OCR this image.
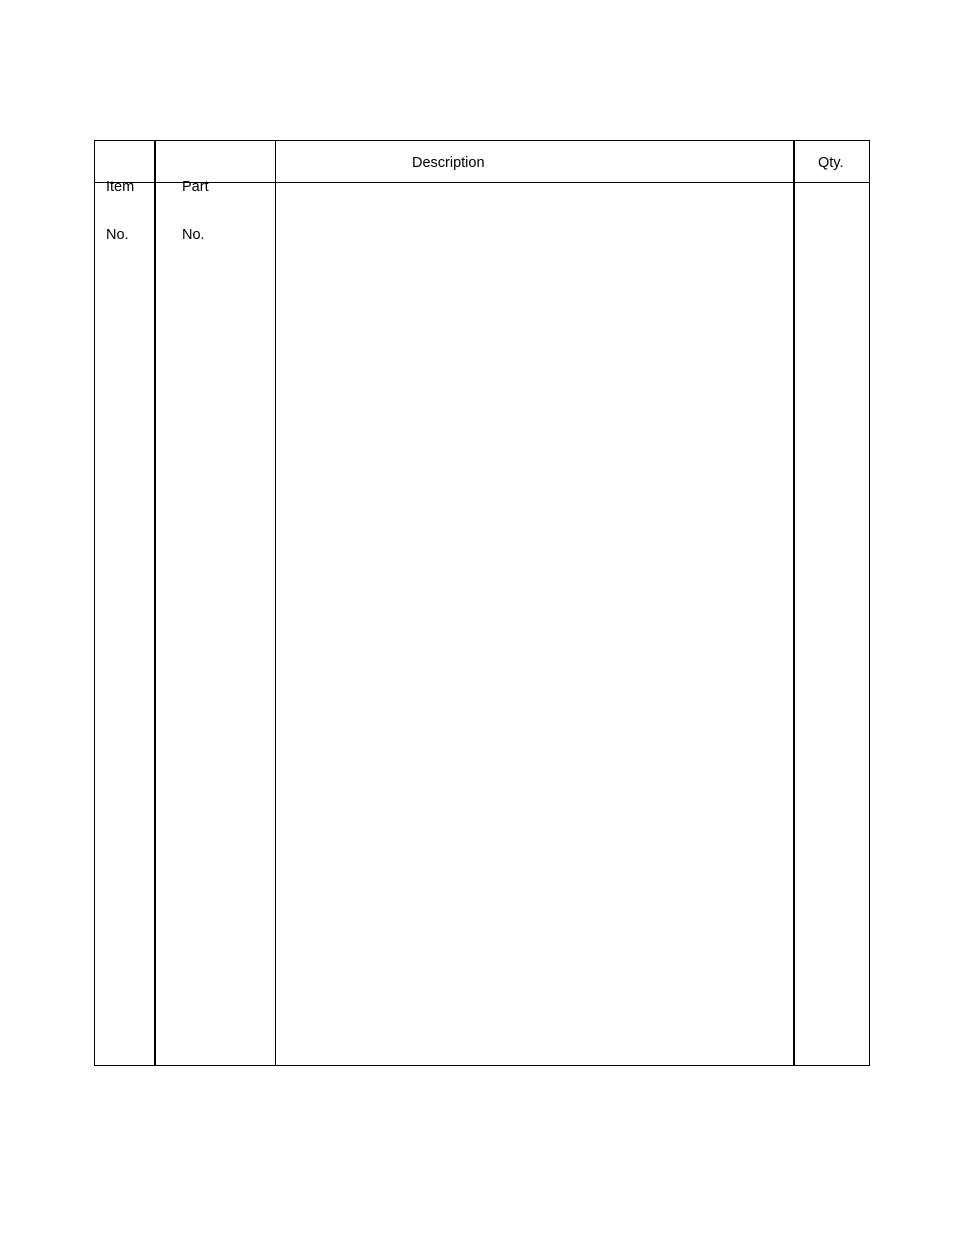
Item

No.

Part

No.

Description	Qty.
